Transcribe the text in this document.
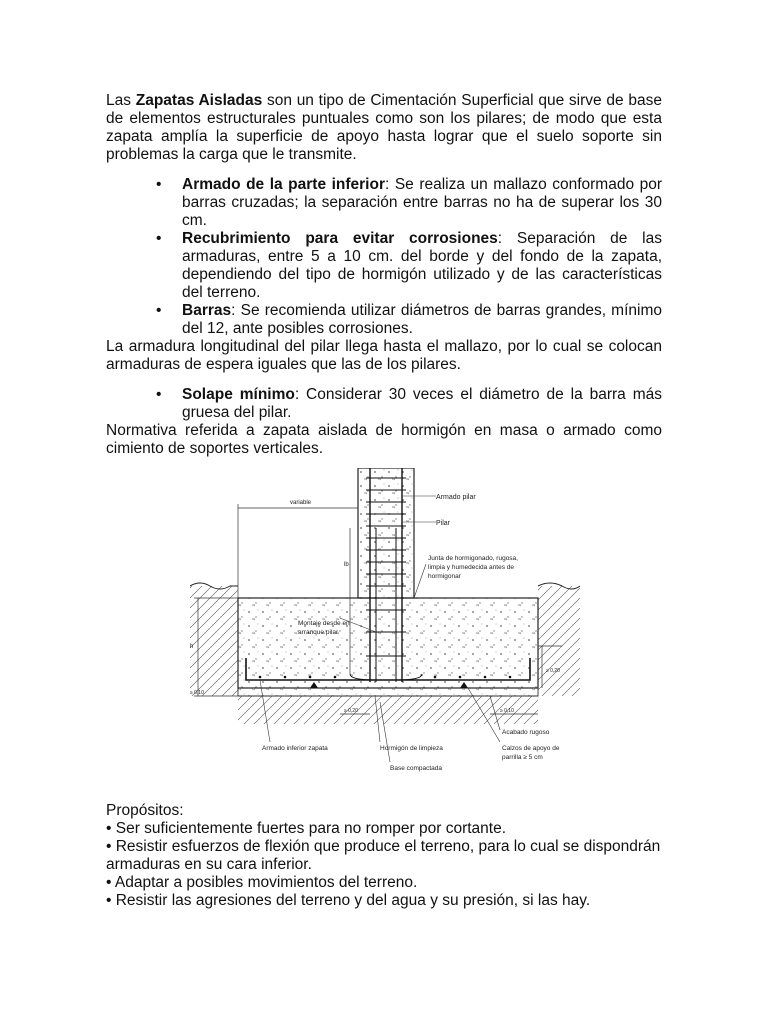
Las Zapatas Aisladas son un tipo de Cimentación Superficial que sirve de base de elementos estructurales puntuales como son los pilares; de modo que esta zapata amplía la superficie de apoyo hasta lograr que el suelo soporte sin problemas la carga que le transmite.

• Armado de la parte inferior: Se realiza un mallazo conformado por barras cruzadas; la separación entre barras no ha de superar los 30 cm.
• Recubrimiento para evitar corrosiones: Separación de las armaduras, entre 5 a 10 cm. del borde y del fondo de la zapata, dependiendo del tipo de hormigón utilizado y de las características del terreno.
• Barras: Se recomienda utilizar diámetros de barras grandes, mínimo del 12, ante posibles corrosiones.

La armadura longitudinal del pilar llega hasta el mallazo, por lo cual se colocan armaduras de espera iguales que las de los pilares.

• Solape mínimo: Considerar 30 veces el diámetro de la barra más gruesa del pilar.

Normativa referida a zapata aislada de hormigón en masa o armado como cimiento de soportes verticales.

variable
Armado pilar
Pilar
Junta de hormigonado, rugosa,
limpia y humedecida antes de
hormigonar
Montaje desde en
arranque pilar
Armado inferior zapata	Hormigón de limpieza
Base compactada
Acabado rugoso
Calzos de apoyo de
parrilla ≥ 5 cm
lb
h
≥ 0,20
≥ 0,10
≥ 0,20	≥ 0,10

Propósitos:

• Ser suficientemente fuertes para no romper por cortante.

• Resistir esfuerzos de flexión que produce el terreno, para lo cual se dispondrán armaduras en su cara inferior.

• Adaptar a posibles movimientos del terreno.

• Resistir las agresiones del terreno y del agua y su presión, si las hay.
